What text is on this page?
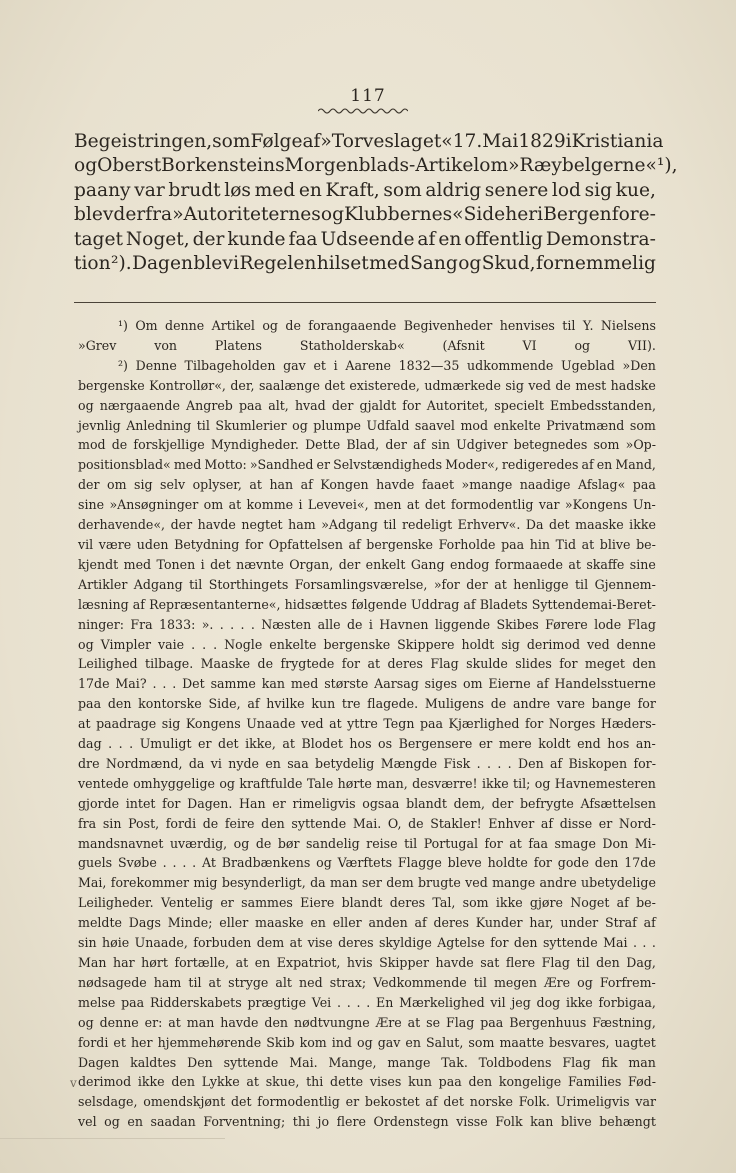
117
Begeistringen, som Følge af »Torveslaget« 17. Mai 1829 i Kristiania
og Oberst Borkensteins Morgenblads-Artikel om »Ræybelgerne« ¹),
paany var brudt løs med en Kraft, som aldrig senere lod sig kue,
blev der fra »Autoriteternes og Klubbernes« Side her i Bergen fore-
taget Noget, der kunde faa Udseende af en offentlig Demonstra-
tion ²). Dagen blev i Regelen hilset med Sang og Skud, fornemmelig
¹) Om denne Artikel og de forangaaende Begivenheder henvises til Y. Nielsens
»Grev	von	Platens	Statholderskab«	(Afsnit	VI	og	VII).
²) Denne Tilbageholden gav et i Aarene 1832—35 udkommende Ugeblad »Den
bergenske Kontrollør«, der, saalænge det existerede, udmærkede sig ved de mest hadske
og nærgaaende Angreb paa alt, hvad der gjaldt for Autoritet, specielt Embedsstanden,
jevnlig Anledning til Skumlerier og plumpe Udfald saavel mod enkelte Privatmænd som
mod de forskjellige Myndigheder. Dette Blad, der af sin Udgiver betegnedes som »Op-
positionsblad« med Motto: »Sandhed er Selvstændigheds Moder«, redigeredes af en Mand,
der om sig selv oplyser, at han af Kongen havde faaet »mange naadige Afslag« paa
sine »Ansøgninger om at komme i Levevei«, men at det formodentlig var »Kongens Un-
derhavende«, der havde negtet ham »Adgang til redeligt Erhverv«. Da det maaske ikke
vil være uden Betydning for Opfattelsen af bergenske Forholde paa hin Tid at blive be-
kjendt med Tonen i det nævnte Organ, der enkelt Gang endog formaaede at skaffe sine
Artikler Adgang til Storthingets Forsamlingsværelse, »for der at henligge til Gjennem-
læsning af Repræsentanterne«, hidsættes følgende Uddrag af Bladets Syttendemai-Beret-
ninger: Fra 1833: ». . . . . Næsten alle de i Havnen liggende Skibes Førere lode Flag
og Vimpler vaie . . . Nogle enkelte bergenske Skippere holdt sig derimod ved denne
Leilighed tilbage. Maaske de frygtede for at deres Flag skulde slides for meget den
17de Mai? . . . Det samme kan med største Aarsag siges om Eierne af Handelsstuerne
paa den kontorske Side, af hvilke kun tre flagede. Muligens de andre vare bange for
at paadrage sig Kongens Unaade ved at yttre Tegn paa Kjærlighed for Norges Hæders-
dag . . . Umuligt er det ikke, at Blodet hos os Bergensere er mere koldt end hos an-
dre Nordmænd, da vi nyde en saa betydelig Mængde Fisk . . . . Den af Biskopen for-
ventede omhyggelige og kraftfulde Tale hørte man, desværre! ikke til; og Havnemesteren
gjorde intet for Dagen. Han er rimeligvis ogsaa blandt dem, der befrygte Afsættelsen
fra sin Post, fordi de feire den syttende Mai. O, de Stakler! Enhver af disse er Nord-
mandsnavnet uværdig, og de bør sandelig reise til Portugal for at faa smage Don Mi-
guels Svøbe . . . . At Bradbænkens og Værftets Flagge bleve holdte for gode den 17de
Mai, forekommer mig besynderligt, da man ser dem brugte ved mange andre ubetydelige
Leiligheder. Ventelig er sammes Eiere blandt deres Tal, som ikke gjøre Noget af be-
meldte Dags Minde; eller maaske en eller anden af deres Kunder har, under Straf af
sin høie Unaade, forbuden dem at vise deres skyldige Agtelse for den syttende Mai . . .
Man har hørt fortælle, at en Expatriot, hvis Skipper havde sat flere Flag til den Dag,
nødsagede ham til at stryge alt ned strax; Vedkommende til megen Ære og Forfrem-
melse paa Ridderskabets prægtige Vei . . . . En Mærkelighed vil jeg dog ikke forbigaa,
og denne er: at man havde den nødtvungne Ære at se Flag paa Bergenhuus Fæstning,
fordi et her hjemmehørende Skib kom ind og gav en Salut, som maatte besvares, uagtet
Dagen kaldtes Den syttende Mai. Mange, mange Tak. Toldbodens Flag fik man
derimod ikke den Lykke at skue, thi dette vises kun paa den kongelige Families Fød-
selsdage, omendskjønt det formodentlig er bekostet af det norske Folk. Urimeligvis var
vel og en saadan Forventning; thi jo flere Ordenstegn visse Folk kan blive behængt
v
